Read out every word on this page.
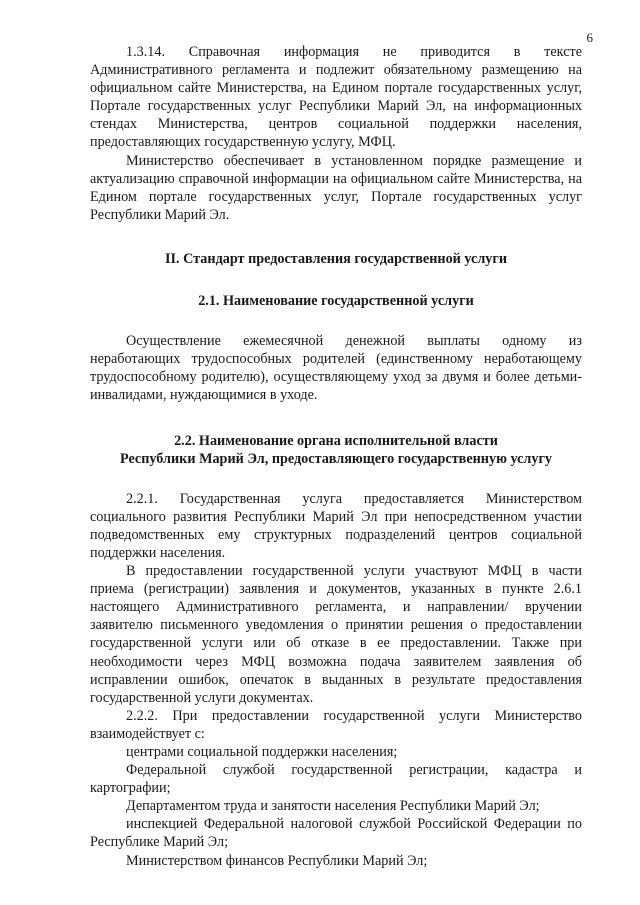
6

1.3.14. Справочная информация не приводится в тексте Административного регламента и подлежит обязательному размещению на официальном сайте Министерства, на Едином портале государственных услуг, Портале государственных услуг Республики Марий Эл, на информационных стендах Министерства, центров социальной поддержки населения, предоставляющих государственную услугу, МФЦ.

Министерство обеспечивает в установленном порядке размещение и актуализацию справочной информации на официальном сайте Министерства, на Едином портале государственных услуг, Портале государственных услуг Республики Марий Эл.

II. Стандарт предоставления государственной услуги

2.1. Наименование государственной услуги

Осуществление ежемесячной денежной выплаты одному из неработающих трудоспособных родителей (единственному неработающему трудоспособному родителю), осуществляющему уход за двумя и более детьми-инвалидами, нуждающимися в уходе.

2.2. Наименование органа исполнительной власти
Республики Марий Эл, предоставляющего государственную услугу

2.2.1. Государственная услуга предоставляется Министерством социального развития Республики Марий Эл при непосредственном участии подведомственных ему структурных подразделений центров социальной поддержки населения.

В предоставлении государственной услуги участвуют МФЦ в части приема (регистрации) заявления и документов, указанных в пункте 2.6.1 настоящего Административного регламента, и направлении/ вручении заявителю письменного уведомления о принятии решения о предоставлении государственной услуги или об отказе в ее предоставлении. Также при необходимости через МФЦ возможна подача заявителем заявления об исправлении ошибок, опечаток в выданных в результате предоставления государственной услуги документах.

2.2.2. При предоставлении государственной услуги Министерство взаимодействует с:

центрами социальной поддержки населения;

Федеральной службой государственной регистрации, кадастра и картографии;

Департаментом труда и занятости населения Республики Марий Эл;

инспекцией Федеральной налоговой службой Российской Федерации по Республике Марий Эл;

Министерством финансов Республики Марий Эл;
